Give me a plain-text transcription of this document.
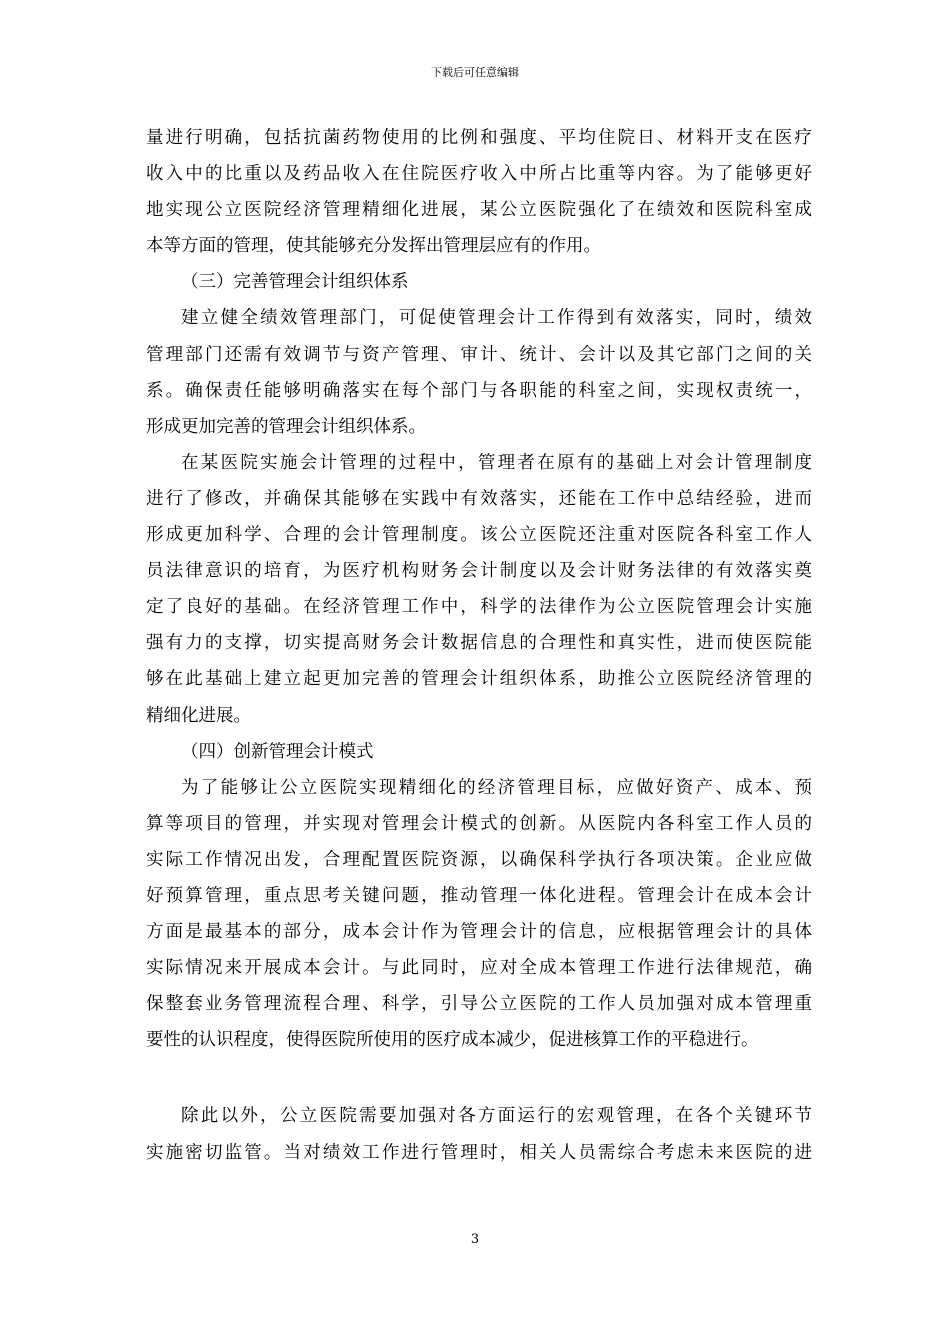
下载后可任意编辑
量进行明确，包括抗菌药物使用的比例和强度、平均住院日、材料开支在医疗
收入中的比重以及药品收入在住院医疗收入中所占比重等内容。为了能够更好
地实现公立医院经济管理精细化进展，某公立医院强化了在绩效和医院科室成
本等方面的管理，使其能够充分发挥出管理层应有的作用。
（三）完善管理会计组织体系
建立健全绩效管理部门，可促使管理会计工作得到有效落实，同时，绩效
管理部门还需有效调节与资产管理、审计、统计、会计以及其它部门之间的关
系。确保责任能够明确落实在每个部门与各职能的科室之间，实现权责统一，
形成更加完善的管理会计组织体系。
在某医院实施会计管理的过程中，管理者在原有的基础上对会计管理制度
进行了修改，并确保其能够在实践中有效落实，还能在工作中总结经验，进而
形成更加科学、合理的会计管理制度。该公立医院还注重对医院各科室工作人
员法律意识的培育，为医疗机构财务会计制度以及会计财务法律的有效落实奠
定了良好的基础。在经济管理工作中，科学的法律作为公立医院管理会计实施
强有力的支撑，切实提高财务会计数据信息的合理性和真实性，进而使医院能
够在此基础上建立起更加完善的管理会计组织体系，助推公立医院经济管理的
精细化进展。
（四）创新管理会计模式
为了能够让公立医院实现精细化的经济管理目标，应做好资产、成本、预
算等项目的管理，并实现对管理会计模式的创新。从医院内各科室工作人员的
实际工作情况出发，合理配置医院资源，以确保科学执行各项决策。企业应做
好预算管理，重点思考关键问题，推动管理一体化进程。管理会计在成本会计
方面是最基本的部分，成本会计作为管理会计的信息，应根据管理会计的具体
实际情况来开展成本会计。与此同时，应对全成本管理工作进行法律规范，确
保整套业务管理流程合理、科学，引导公立医院的工作人员加强对成本管理重
要性的认识程度，使得医院所使用的医疗成本减少，促进核算工作的平稳进行。
除此以外，公立医院需要加强对各方面运行的宏观管理，在各个关键环节
实施密切监管。当对绩效工作进行管理时，相关人员需综合考虑未来医院的进
3
